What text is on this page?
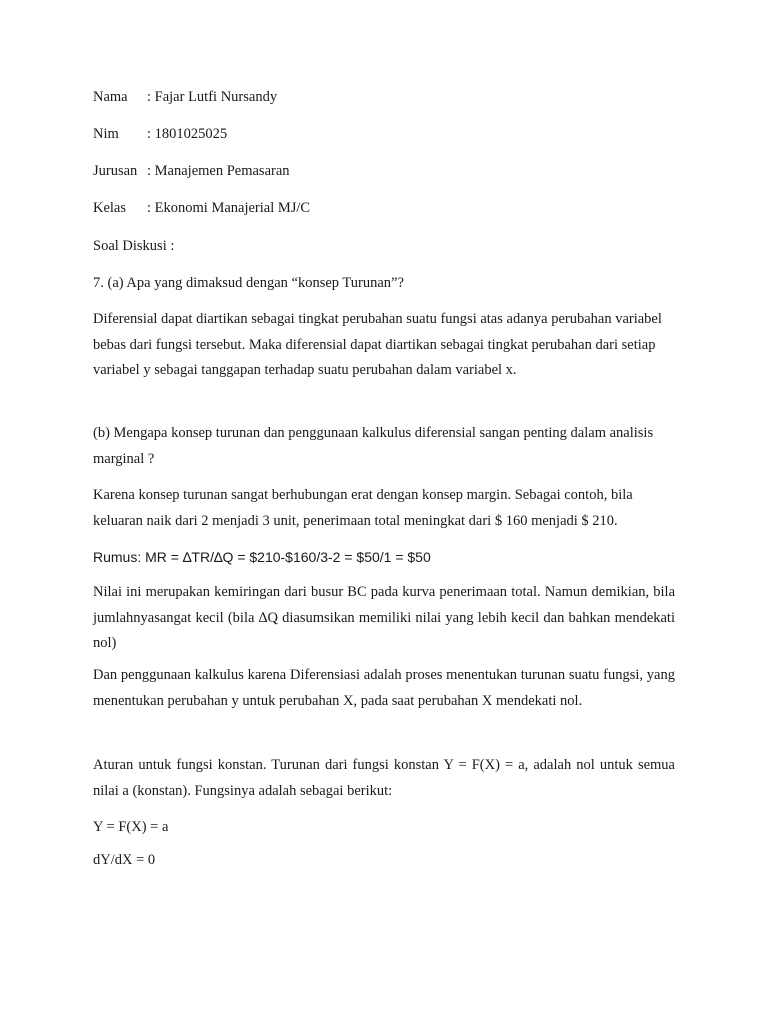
Nama : Fajar Lutfi Nursandy
Nim : 1801025025
Jurusan : Manajemen Pemasaran
Kelas : Ekonomi Manajerial MJ/C
Soal Diskusi :
7. (a) Apa yang dimaksud dengan “konsep Turunan”?
Diferensial dapat diartikan sebagai tingkat perubahan suatu fungsi atas adanya perubahan variabel bebas dari fungsi tersebut. Maka diferensial dapat diartikan sebagai tingkat perubahan dari setiap variabel y sebagai tanggapan terhadap suatu perubahan dalam variabel x.
(b) Mengapa konsep turunan dan penggunaan kalkulus diferensial sangan penting dalam analisis marginal ?
Karena konsep turunan sangat berhubungan erat dengan konsep margin. Sebagai contoh, bila keluaran naik dari 2 menjadi 3 unit, penerimaan total meningkat dari $ 160 menjadi $ 210.
Rumus: MR = ∆TR/∆Q = $210-$160/3-2 = $50/1 = $50
Nilai ini merupakan kemiringan dari busur BC pada kurva penerimaan total. Namun demikian, bila jumlahnyasangat kecil (bila ∆Q diasumsikan memiliki nilai yang lebih kecil dan bahkan mendekati nol)
Dan penggunaan kalkulus karena Diferensiasi adalah proses menentukan turunan suatu fungsi, yang menentukan perubahan y untuk perubahan X, pada saat perubahan X mendekati nol.
Aturan untuk fungsi konstan. Turunan dari fungsi konstan Y = F(X) = a, adalah nol untuk semua nilai a (konstan). Fungsinya adalah sebagai berikut:
Y = F(X) = a
dY/dX = 0
